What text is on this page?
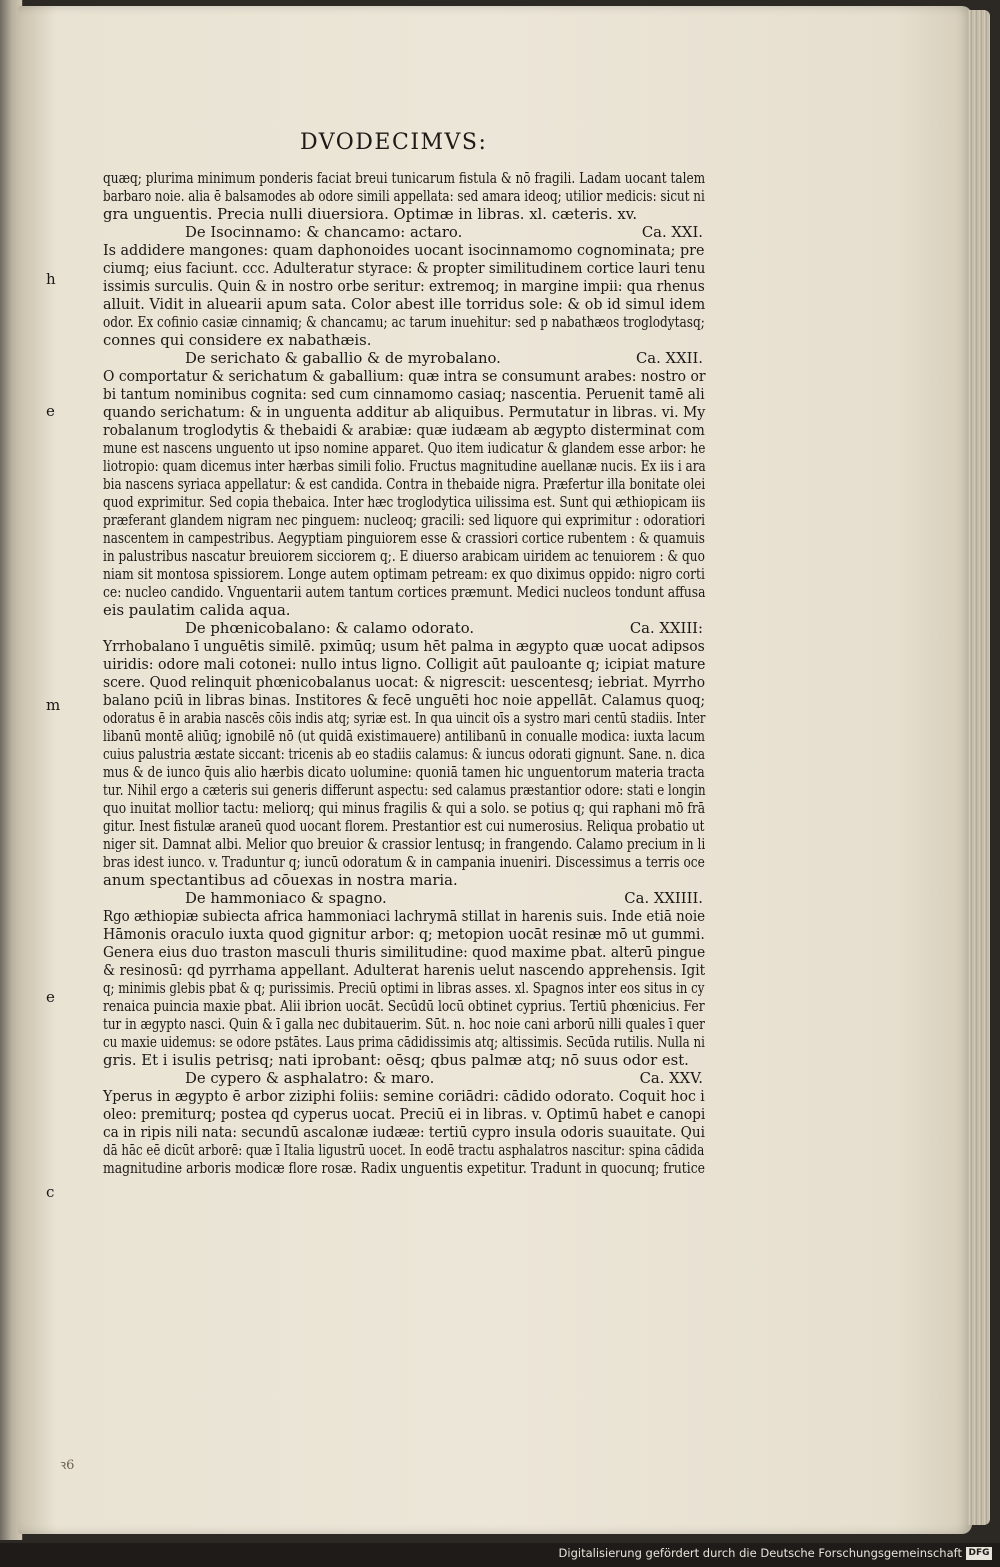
DVODECIMVS:
h
e
m
e
c
quæq; plurima minimum ponderis faciat breui tunicarum fistula & nō fragili. Ladam uocant talem
barbaro noie. alia ē balsamodes ab odore simili appellata: sed amara ideoq; utilior medicis: sicut ni
gra unguentis. Precia nulli diuersiora. Optimæ in libras. xl. cæteris. xv.
De Isocinnamo: & chancamo: actaro.	Ca. XXI.
Is addidere mangones: quam daphonoides uocant isocinnamomo cognominata; pre
ciumq; eius faciunt. ccc. Adulteratur styrace: & propter similitudinem cortice lauri tenu
issimis surculis. Quin & in nostro orbe seritur: extremoq; in margine impii: qua rhenus
alluit. Vidit in aluearii apum sata. Color abest ille torridus sole: & ob id simul idem
odor. Ex cofinio casiæ cinnamiq; & chancamu; ac tarum inuehitur: sed p nabathæos troglodytasq;
connes qui considere ex nabathæis.
De serichato & gaballio & de myrobalano.	Ca. XXII.
O comportatur & serichatum & gaballium: quæ intra se consumunt arabes: nostro or
bi tantum nominibus cognita: sed cum cinnamomo casiaq; nascentia. Peruenit tamē ali
quando serichatum: & in unguenta additur ab aliquibus. Permutatur in libras. vi. My
robalanum troglodytis & thebaidi & arabiæ: quæ iudæam ab ægypto disterminat com
mune est nascens unguento ut ipso nomine apparet. Quo item iudicatur & glandem esse arbor: he
liotropio: quam dicemus inter hærbas simili folio. Fructus magnitudine auellanæ nucis. Ex iis i ara
bia nascens syriaca appellatur: & est candida. Contra in thebaide nigra. Præfertur illa bonitate olei
quod exprimitur. Sed copia thebaica. Inter hæc troglodytica uilissima est. Sunt qui æthiopicam iis
præferant glandem nigram nec pinguem: nucleoq; gracili: sed liquore qui exprimitur : odoratiori
nascentem in campestribus. Aegyptiam pinguiorem esse & crassiori cortice rubentem : & quamuis
in palustribus nascatur breuiorem sicciorem q;. E diuerso arabicam uiridem ac tenuiorem : & quo
niam sit montosa spissiorem. Longe autem optimam petream: ex quo diximus oppido: nigro corti
ce: nucleo candido. Vnguentarii autem tantum cortices præmunt. Medici nucleos tondunt affusa
eis paulatim calida aqua.
De phœnicobalano: & calamo odorato.	Ca. XXIII:
Yrrhobalano ī unguētis similē. pximūq; usum hēt palma in ægypto quæ uocat adipsos
uiridis: odore mali cotonei: nullo intus ligno. Colligit aūt pauloante q; icipiat mature
scere. Quod relinquit phœnicobalanus uocat: & nigrescit: uescentesq; iebriat. Myrrho
balano pciū in libras binas. Institores & fecē unguēti hoc noie appellāt. Calamus quoq;
odoratus ē in arabia nascēs cōis indis atq; syriæ est. In qua uincit oīs a systro mari centū stadiis. Inter
libanū montē aliūq; ignobilē nō (ut quidā existimauere) antilibanū in conualle modica: iuxta lacum
cuius palustria æstate siccant: tricenis ab eo stadiis calamus: & iuncus odorati gignunt. Sane. n. dica
mus & de iunco q̄uis alio hærbis dicato uolumine: quoniā tamen hic unguentorum materia tracta
tur. Nihil ergo a cæteris sui generis differunt aspectu: sed calamus præstantior odore: stati e longin
quo inuitat mollior tactu: meliorq; qui minus fragilis & qui a solo. se potius q; qui raphani mō frā
gitur. Inest fistulæ araneū quod uocant florem. Prestantior est cui numerosius. Reliqua probatio ut
niger sit. Damnat albi. Melior quo breuior & crassior lentusq; in frangendo. Calamo precium in li
bras idest iunco. v. Traduntur q; iuncū odoratum & in campania inueniri. Discessimus a terris oce
anum spectantibus ad cōuexas in nostra maria.
De hammoniaco & spagno.	Ca. XXIIII.
Rgo æthiopiæ subiecta africa hammoniaci lachrymā stillat in harenis suis. Inde etiā noie
Hāmonis oraculo iuxta quod gignitur arbor: q; metopion uocāt resinæ mō ut gummi.
Genera eius duo traston masculi thuris similitudine: quod maxime pbat. alterū pingue
& resinosū: qd pyrrhama appellant. Adulterat harenis uelut nascendo apprehensis. Igit
q; minimis glebis pbat & q; purissimis. Preciū optimi in libras asses. xl. Spagnos inter eos situs in cy
renaica puincia maxie pbat. Alii ibrion uocāt. Secūdū locū obtinet cyprius. Tertiū phœnicius. Fer
tur in ægypto nasci. Quin & ī galla nec dubitauerim. Sūt. n. hoc noie cani arborū nilli quales ī quer
cu maxie uidemus: se odore pstātes. Laus prima cādidissimis atq; altissimis. Secūda rutilis. Nulla ni
gris. Et i isulis petrisq; nati iprobant: oēsq; qbus palmæ atq; nō suus odor est.
De cypero & asphalatro: & maro.	Ca. XXV.
Yperus in ægypto ē arbor ziziphi foliis: semine coriādri: cādido odorato. Coquit hoc i
oleo: premiturq; postea qd cyperus uocat. Preciū ei in libras. v. Optimū habet e canopi
ca in ripis nili nata: secundū ascalonæ iudææ: tertiū cypro insula odoris suauitate. Qui
dā hāc eē dicūt arborē: quæ ī Italia ligustrū uocet. In eodē tractu asphalatros nascitur: spina cādida
magnitudine arboris modicæ flore rosæ. Radix unguentis expetitur. Tradunt in quocunq; frutice
ꝛ6
Digitalisierung gefördert durch die Deutsche Forschungsgemeinschaft DFG
